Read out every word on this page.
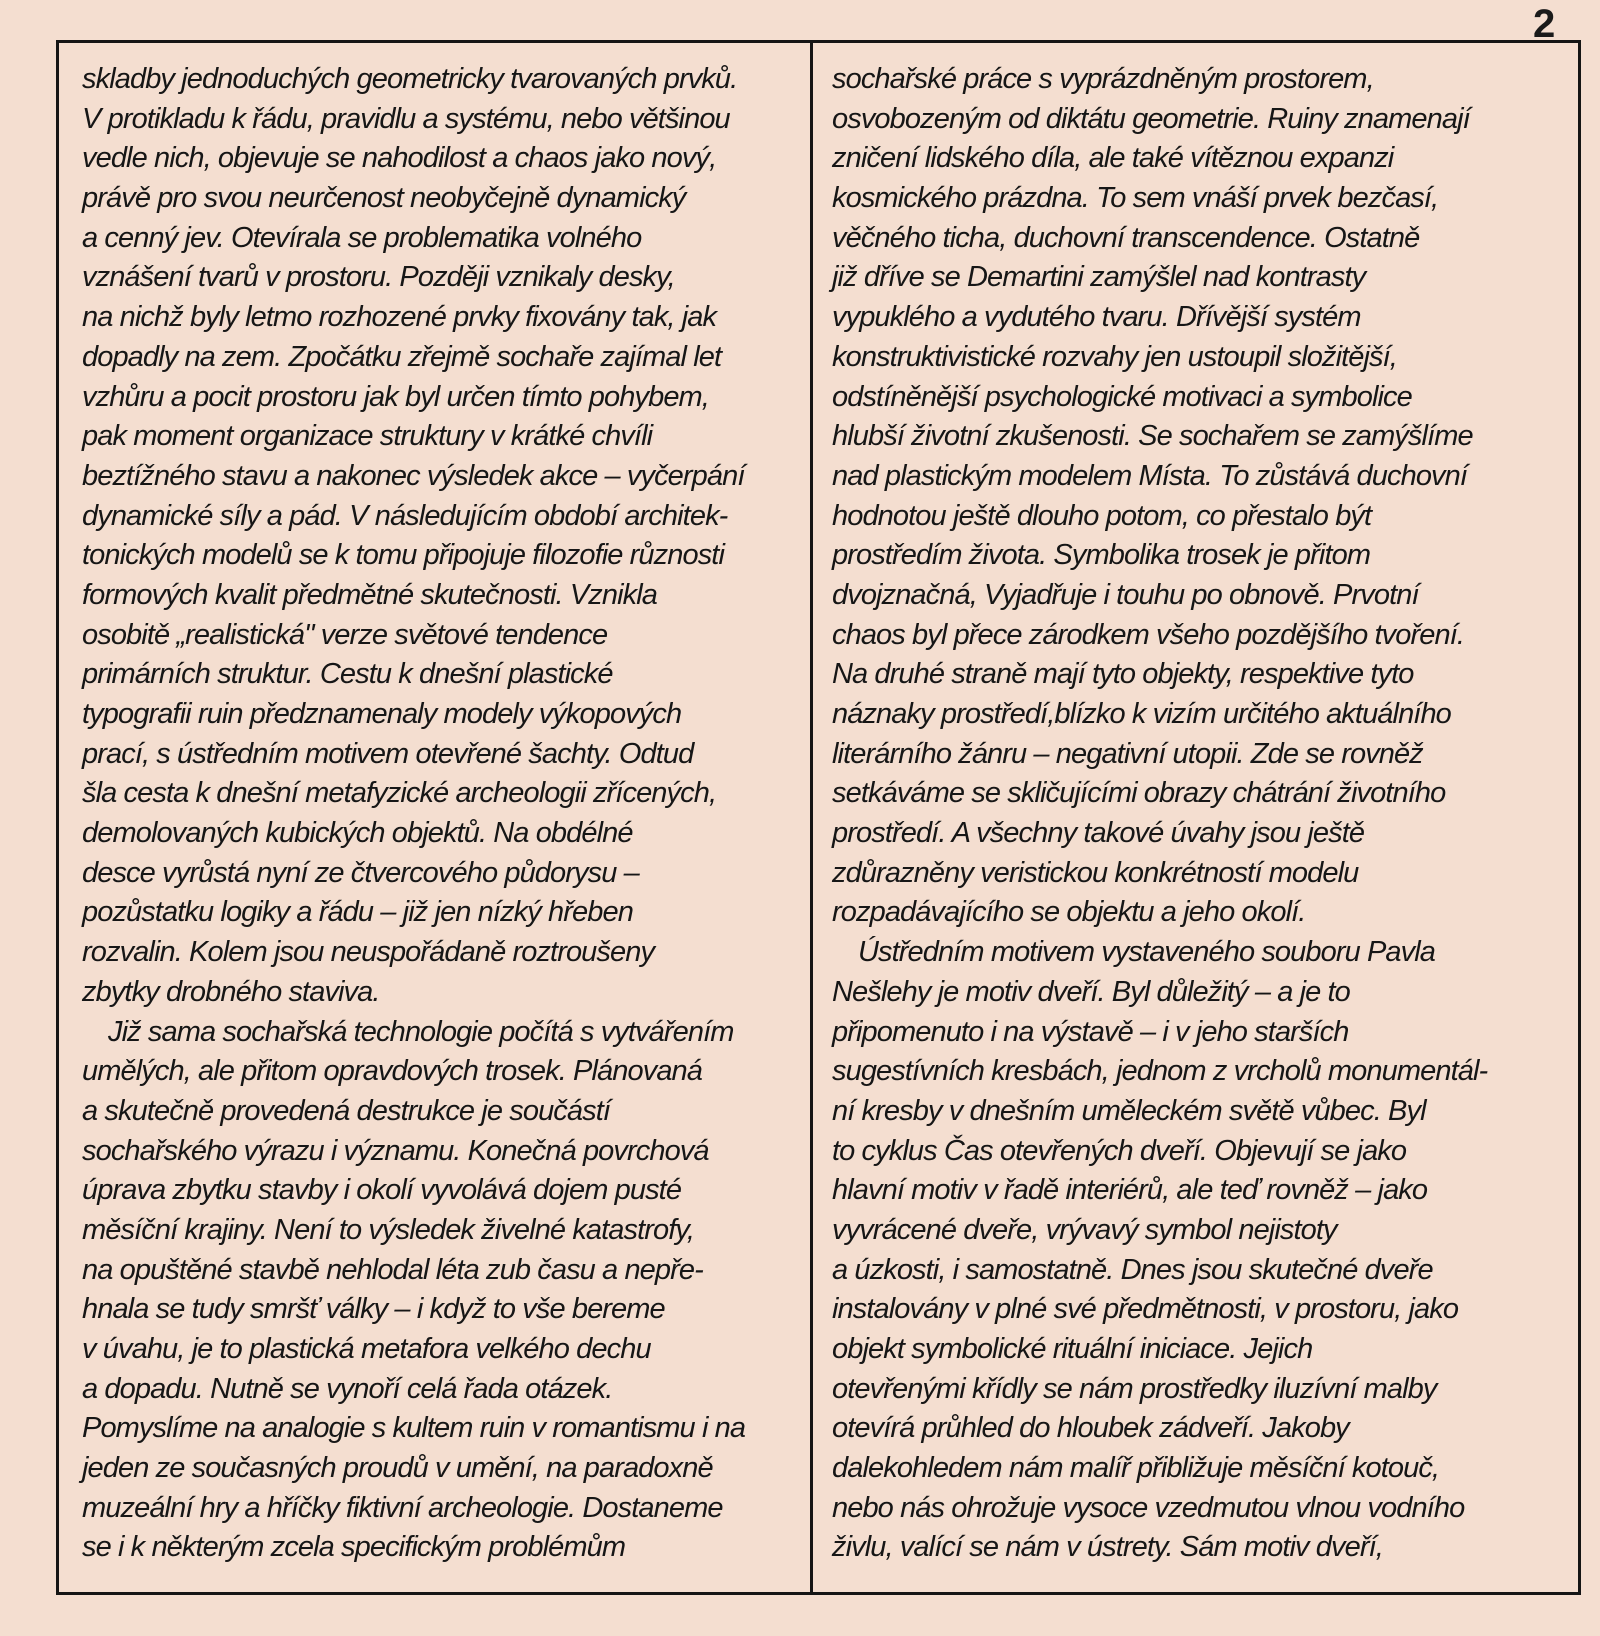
2
skladby jednoduchých geometricky tvarovaných prvků.
V protikladu k řádu, pravidlu a systému, nebo většinou
vedle nich, objevuje se nahodilost a chaos jako nový,
právě pro svou neurčenost neobyčejně dynamický
a cenný jev. Otevírala se problematika volného
vznášení tvarů v prostoru. Později vznikaly desky,
na nichž byly letmo rozhozené prvky fixovány tak, jak
dopadly na zem. Zpočátku zřejmě sochaře zajímal let
vzhůru a pocit prostoru jak byl určen tímto pohybem,
pak moment organizace struktury v krátké chvíli
beztížného stavu a nakonec výsledek akce – vyčerpání
dynamické síly a pád. V následujícím období architek-
tonických modelů se k tomu připojuje filozofie různosti
formových kvalit předmětné skutečnosti. Vznikla
osobitě „realistická" verze světové tendence
primárních struktur. Cestu k dnešní plastické
typografii ruin předznamenaly modely výkopových
prací, s ústředním motivem otevřené šachty. Odtud
šla cesta k dnešní metafyzické archeologii zřícených,
demolovaných kubických objektů. Na obdélné
desce vyrůstá nyní ze čtvercového půdorysu –
pozůstatku logiky a řádu – již jen nízký hřeben
rozvalin. Kolem jsou neuspořádaně roztroušeny
zbytky drobného staviva.
Již sama sochařská technologie počítá s vytvářením
umělých, ale přitom opravdových trosek. Plánovaná
a skutečně provedená destrukce je součástí
sochařského výrazu i významu. Konečná povrchová
úprava zbytku stavby i okolí vyvolává dojem pusté
měsíční krajiny. Není to výsledek živelné katastrofy,
na opuštěné stavbě nehlodal léta zub času a nepře-
hnala se tudy smršť války – i když to vše bereme
v úvahu, je to plastická metafora velkého dechu
a dopadu. Nutně se vynoří celá řada otázek.
Pomyslíme na analogie s kultem ruin v romantismu i na
jeden ze současných proudů v umění, na paradoxně
muzeální hry a hříčky fiktivní archeologie. Dostaneme
se i k některým zcela specifickým problémům
sochařské práce s vyprázdněným prostorem,
osvobozeným od diktátu geometrie. Ruiny znamenají
zničení lidského díla, ale také vítěznou expanzi
kosmického prázdna. To sem vnáší prvek bezčasí,
věčného ticha, duchovní transcendence. Ostatně
již dříve se Demartini zamýšlel nad kontrasty
vypuklého a vydutého tvaru. Dřívější systém
konstruktivistické rozvahy jen ustoupil složitější,
odstíněnější psychologické motivaci a symbolice
hlubší životní zkušenosti. Se sochařem se zamýšlíme
nad plastickým modelem Místa. To zůstává duchovní
hodnotou ještě dlouho potom, co přestalo být
prostředím života. Symbolika trosek je přitom
dvojznačná, Vyjadřuje i touhu po obnově. Prvotní
chaos byl přece zárodkem všeho pozdějšího tvoření.
Na druhé straně mají tyto objekty, respektive tyto
náznaky prostředí,blízko k vizím určitého aktuálního
literárního žánru – negativní utopii. Zde se rovněž
setkáváme se skličujícími obrazy chátrání životního
prostředí. A všechny takové úvahy jsou ještě
zdůrazněny veristickou konkrétností modelu
rozpadávajícího se objektu a jeho okolí.
Ústředním motivem vystaveného souboru Pavla
Nešlehy je motiv dveří. Byl důležitý – a je to
připomenuto i na výstavě – i v jeho starších
sugestívních kresbách, jednom z vrcholů monumentál-
ní kresby v dnešním uměleckém světě vůbec. Byl
to cyklus Čas otevřených dveří. Objevují se jako
hlavní motiv v řadě interiérů, ale teď rovněž – jako
vyvrácené dveře, vrývavý symbol nejistoty
a úzkosti, i samostatně. Dnes jsou skutečné dveře
instalovány v plné své předmětnosti, v prostoru, jako
objekt symbolické rituální iniciace. Jejich
otevřenými křídly se nám prostředky iluzívní malby
otevírá průhled do hloubek zádveří. Jakoby
dalekohledem nám malíř přibližuje měsíční kotouč,
nebo nás ohrožuje vysoce vzedmutou vlnou vodního
živlu, valící se nám v ústrety. Sám motiv dveří,
